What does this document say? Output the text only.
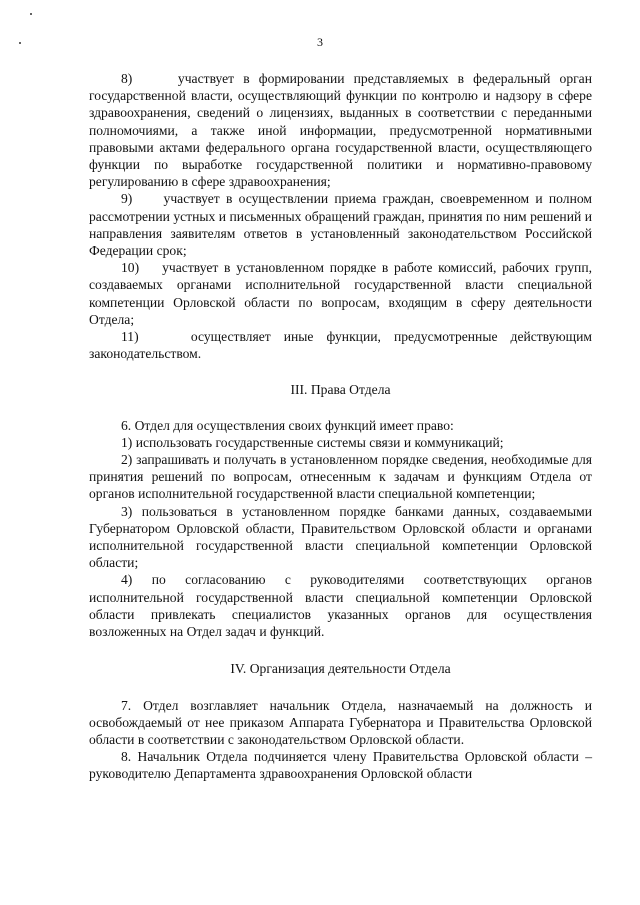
3

8)     участвует в формировании представляемых в федеральный орган государственной власти, осуществляющий функции по контролю и надзору в сфере здравоохранения, сведений о лицензиях, выданных в соответствии с переданными полномочиями, а также иной информации, предусмотренной нормативными правовыми актами федерального органа государственной власти, осуществляющего функции по выработке государственной политики и нормативно-правовому регулированию в сфере здравоохранения;

9)     участвует в осуществлении приема граждан, своевременном и полном рассмотрении устных и письменных обращений граждан, принятия по ним решений и направления заявителям ответов в установленный законодательством Российской Федерации срок;

10)    участвует в установленном порядке в работе комиссий, рабочих групп, создаваемых органами исполнительной государственной власти специальной компетенции Орловской области по вопросам, входящим в сферу деятельности Отдела;

11)    осуществляет иные функции, предусмотренные действующим законодательством.

III. Права Отдела

6. Отдел для осуществления своих функций имеет право:

1) использовать государственные системы связи и коммуникаций;

2) запрашивать и получать в установленном порядке сведения, необходимые для принятия решений по вопросам, отнесенным к задачам и функциям Отдела от органов исполнительной государственной власти специальной компетенции;

3) пользоваться в установленном порядке банками данных, создаваемыми Губернатором Орловской области, Правительством Орловской области и органами исполнительной государственной власти специальной компетенции Орловской области;

4) по согласованию с руководителями соответствующих органов исполнительной государственной власти специальной компетенции Орловской области привлекать специалистов указанных органов для осуществления возложенных на Отдел задач и функций.

IV. Организация деятельности Отдела

7. Отдел возглавляет начальник Отдела, назначаемый на должность и освобождаемый от нее приказом Аппарата Губернатора и Правительства Орловской области в соответствии с законодательством Орловской области.

8. Начальник Отдела подчиняется члену Правительства Орловской области – руководителю Департамента здравоохранения Орловской области
